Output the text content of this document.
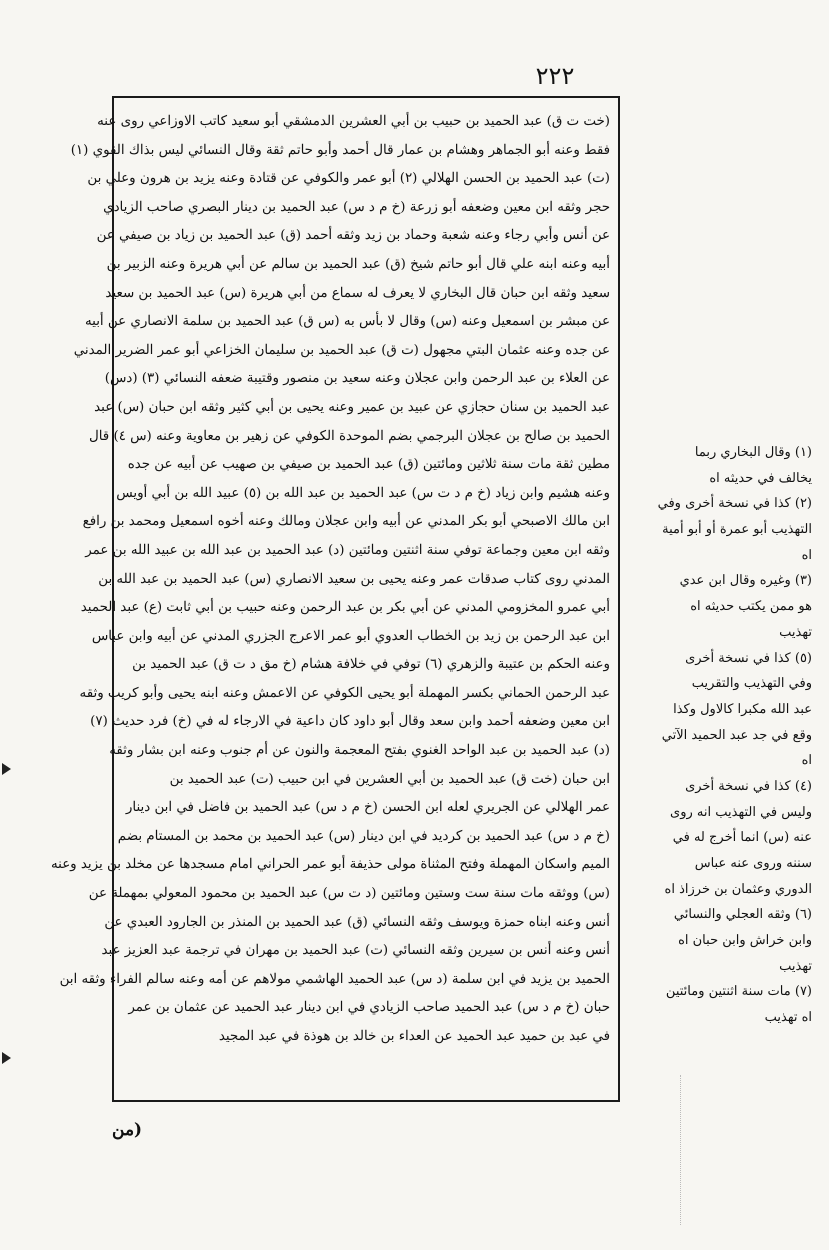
٢٢٢
(خت ت ق) عبد الحميد بن حبيب بن أبي العشرين الدمشقي أبو سعيد كاتب الاوزاعي روى عنه
فقط وعنه أبو الجماهر وهشام بن عمار قال أحمد وأبو حاتم ثقة وقال النسائي ليس بذاك القوي (١)
(ت) عبد الحميد بن الحسن الهلالي (٢) أبو عمر والكوفي عن قتادة وعنه يزيد بن هرون وعلي بن
حجر وثقه ابن معين وضعفه أبو زرعة (خ م د س) عبد الحميد بن دينار البصري صاحب الزيادي
عن أنس وأبي رجاء وعنه شعبة وحماد بن زيد وثقه أحمد (ق) عبد الحميد بن زياد بن صيفي عن
أبيه وعنه ابنه علي قال أبو حاتم شيخ (ق) عبد الحميد بن سالم عن أبي هريرة وعنه الزبير بن
سعيد وثقه ابن حبان قال البخاري لا يعرف له سماع من أبي هريرة (س) عبد الحميد بن سعيد
عن مبشر بن اسمعيل وعنه (س) وقال لا بأس به (س ق) عبد الحميد بن سلمة الانصاري عن أبيه
عن جده وعنه عثمان البتي مجهول (ت ق) عبد الحميد بن سليمان الخزاعي أبو عمر الضرير المدني
عن العلاء بن عبد الرحمن وابن عجلان وعنه سعيد بن منصور وقتيبة ضعفه النسائي (٣) (دس)
عبد الحميد بن سنان حجازي عن عبيد بن عمير وعنه يحيى بن أبي كثير وثقه ابن حبان (س) عبد
الحميد بن صالح بن عجلان البرجمي بضم الموحدة الكوفي عن زهير بن معاوية وعنه (س ٤) قال
مطين ثقة مات سنة ثلاثين ومائتين (ق) عبد الحميد بن صيفي بن صهيب عن أبيه عن جده
وعنه هشيم وابن زياد (خ م د ت س) عبد الحميد بن عبد الله بن (٥) عبيد الله بن أبي أويس
ابن مالك الاصبحي أبو بكر المدني عن أبيه وابن عجلان ومالك وعنه أخوه اسمعيل ومحمد بن رافع
وثقه ابن معين وجماعة توفي سنة اثنتين ومائتين (د) عبد الحميد بن عبد الله بن عبيد الله بن عمر
المدني روى كتاب صدقات عمر وعنه يحيى بن سعيد الانصاري (س) عبد الحميد بن عبد الله بن
أبي عمرو المخزومي المدني عن أبي بكر بن عبد الرحمن وعنه حبيب بن أبي ثابت (ع) عبد الحميد
ابن عبد الرحمن بن زيد بن الخطاب العدوي أبو عمر الاعرج الجزري المدني عن أبيه وابن عباس
وعنه الحكم بن عتيبة والزهري (٦) توفي في خلافة هشام (خ مق د ت ق) عبد الحميد بن
عبد الرحمن الحماني بكسر المهملة أبو يحيى الكوفي عن الاعمش وعنه ابنه يحيى وأبو كريب وثقه
ابن معين وضعفه أحمد وابن سعد وقال أبو داود كان داعية في الارجاء له في (خ) فرد حديث (٧)
(د) عبد الحميد بن عبد الواحد الغنوي بفتح المعجمة والنون عن أم جنوب وعنه ابن بشار وثقه
ابن حبان (خت ق) عبد الحميد بن أبي العشرين في ابن حبيب (ت) عبد الحميد بن
عمر الهلالي عن الجريري لعله ابن الحسن (خ م د س) عبد الحميد بن فاضل في ابن دينار
(خ م د س) عبد الحميد بن كرديد في ابن دينار (س) عبد الحميد بن محمد بن المستام بضم
الميم واسكان المهملة وفتح المثناة مولى حذيفة أبو عمر الحراني امام مسجدها عن مخلد بن يزيد وعنه
(س) ووثقه مات سنة ست وستين ومائتين (د ت س) عبد الحميد بن محمود المعولي بمهملة عن
أنس وعنه ابناه حمزة ويوسف وثقه النسائي (ق) عبد الحميد بن المنذر بن الجارود العبدي عن
أنس وعنه أنس بن سيرين وثقه النسائي (ت) عبد الحميد بن مهران في ترجمة عبد العزيز عبد
الحميد بن يزيد في ابن سلمة (د س) عبد الحميد الهاشمي مولاهم عن أمه وعنه سالم الفراء وثقه ابن
حبان (خ م د س) عبد الحميد صاحب الزيادي في ابن دينار عبد الحميد عن عثمان بن عمر
في عبد بن حميد عبد الحميد عن العداء بن خالد بن هوذة في عبد المجيد
(١) وقال البخاري ربما
يخالف في حديثه اه
(٢) كذا في نسخة أخرى وفي
التهذيب أبو عمرة أو أبو أمية
اه
(٣) وغيره وقال ابن عدي
هو ممن يكتب حديثه اه
تهذيب
(٥) كذا في نسخة أخرى
وفي التهذيب والتقريب
عبد الله مكبرا كالاول وكذا
وقع في جد عبد الحميد الآتي
اه
(٤) كذا في نسخة أخرى
وليس في التهذيب انه روى
عنه (س) انما أخرج له في
سننه وروى عنه عباس
الدوري وعثمان بن خرزاذ اه
(٦) وثقه العجلي والنسائي
وابن خراش وابن حبان اه
تهذيب
(٧) مات سنة اثنتين ومائتين
اه تهذيب
(من
